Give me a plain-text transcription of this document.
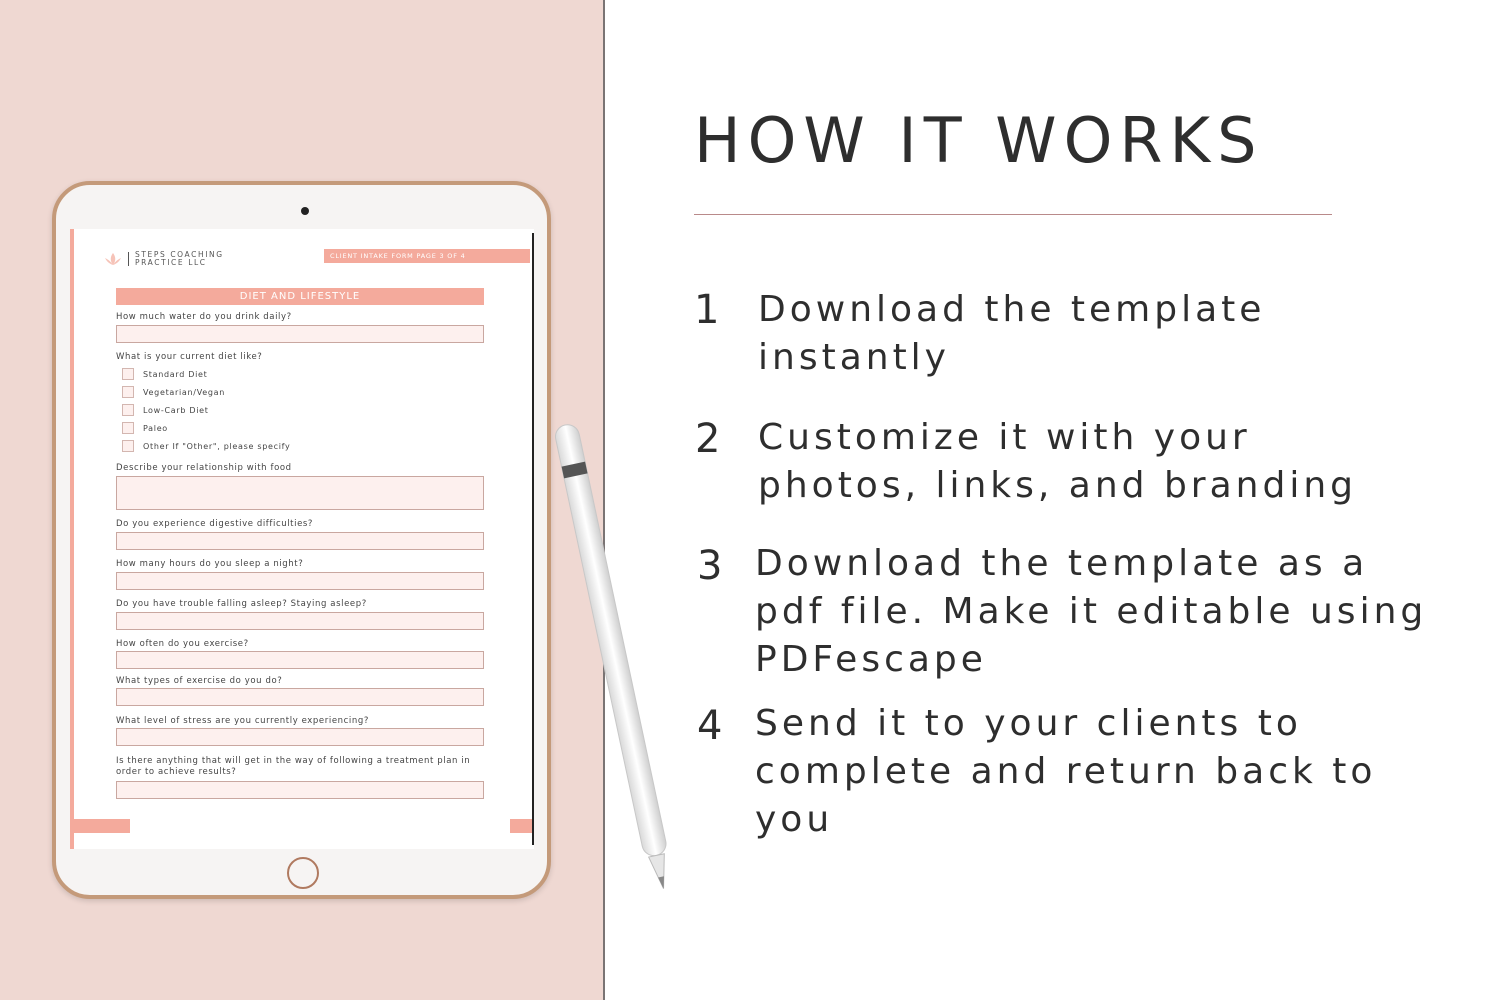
STEPS COACHING
PRACTICE LLC
CLIENT INTAKE FORM PAGE 3 OF 4
DIET AND LIFESTYLE
How much water do you drink daily?
What is your current diet like?
Standard Diet
Vegetarian/Vegan
Low-Carb Diet
Paleo
Other If "Other", please specify
Describe your relationship with food
Do you experience digestive difficulties?
How many hours do you sleep a night?
Do you have trouble falling asleep? Staying asleep?
How often do you exercise?
What types of exercise do you do?
What level of stress are you currently experiencing?
Is there anything that will get in the way of following a treatment plan in order to achieve results?
HOW IT WORKS
1 Download the template instantly
2 Customize it with your photos, links, and branding
3 Download the template as a pdf file. Make it editable using PDFescape
4 Send it to your clients to complete and return back to you
